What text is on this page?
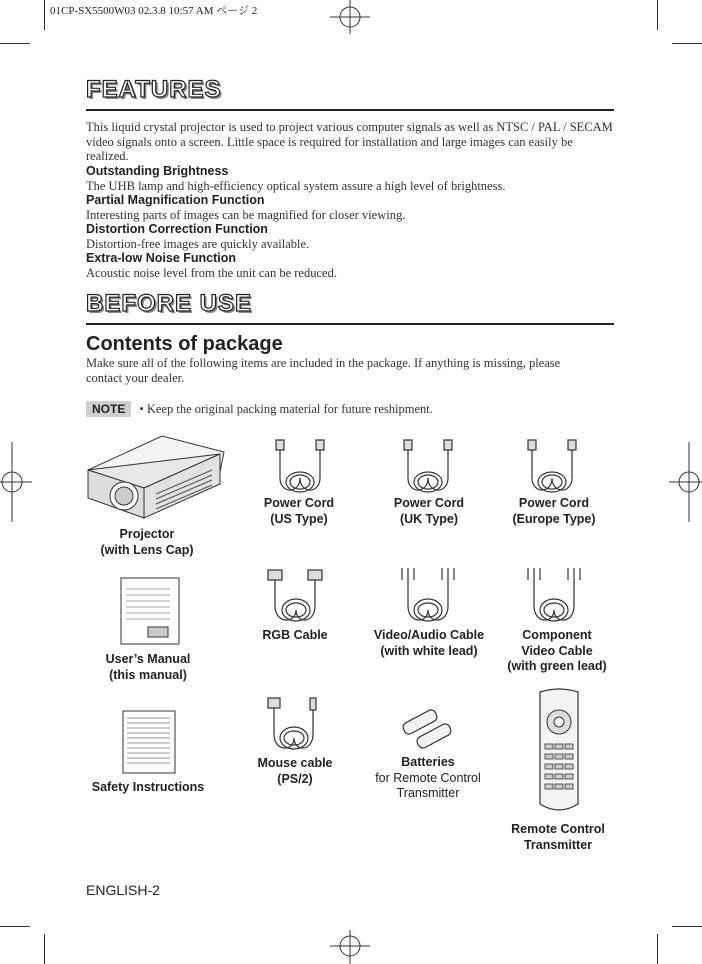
01CP-SX5500W03 02.3.8 10:57 AM ページ 2
FEATURES
This liquid crystal projector is used to project various computer signals as well as NTSC / PAL / SECAM video signals onto a screen. Little space is required for installation and large images can easily be realized.
Outstanding Brightness
The UHB lamp and high-efficiency optical system assure a high level of brightness.
Partial Magnification Function
Interesting parts of images can be magnified for closer viewing.
Distortion Correction Function
Distortion-free images are quickly available.
Extra-low Noise Function
Acoustic noise level from the unit can be reduced.
BEFORE USE
Contents of package
Make sure all of the following items are included in the package. If anything is missing, please contact your dealer.
NOTE • Keep the original packing material for future reshipment.
Projector
(with Lens Cap)
Power Cord
(US Type)
Power Cord
(UK Type)
Power Cord
(Europe Type)
User’s Manual
(this manual)
RGB Cable	Video/Audio Cable
(with white lead)
Component
Video Cable
(with green lead)
Safety Instructions
Mouse cable
(PS/2)
Batteries
for Remote Control
Transmitter
Remote Control
Transmitter
ENGLISH-2
